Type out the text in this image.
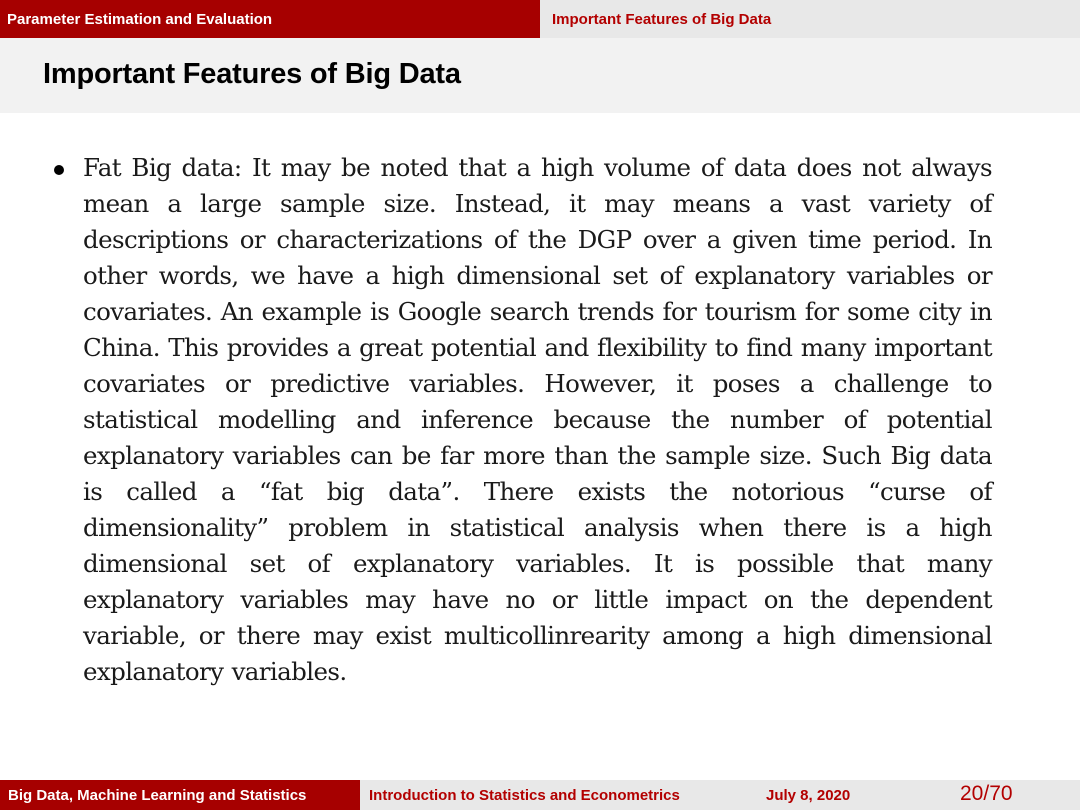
Parameter Estimation and Evaluation	Important Features of Big Data
Important Features of Big Data

Fat Big data: It may be noted that a high volume of data does not always mean a large sample size. Instead, it may means a vast variety of descriptions or characterizations of the DGP over a given time period. In other words, we have a high dimensional set of explanatory variables or covariates. An example is Google search trends for tourism for some city in China. This provides a great potential and flexibility to find many important covariates or predictive variables. However, it poses a challenge to statistical modelling and inference because the number of potential explanatory variables can be far more than the sample size. Such Big data is called a “fat big data”. There exists the notorious “curse of dimensionality” problem in statistical analysis when there is a high dimensional set of explanatory variables. It is possible that many explanatory variables may have no or little impact on the dependent variable, or there may exist multicollinrearity among a high dimensional explanatory variables.

Big Data, Machine Learning and Statistics	Introduction to Statistics and Econometrics	July 8, 2020	20/70
